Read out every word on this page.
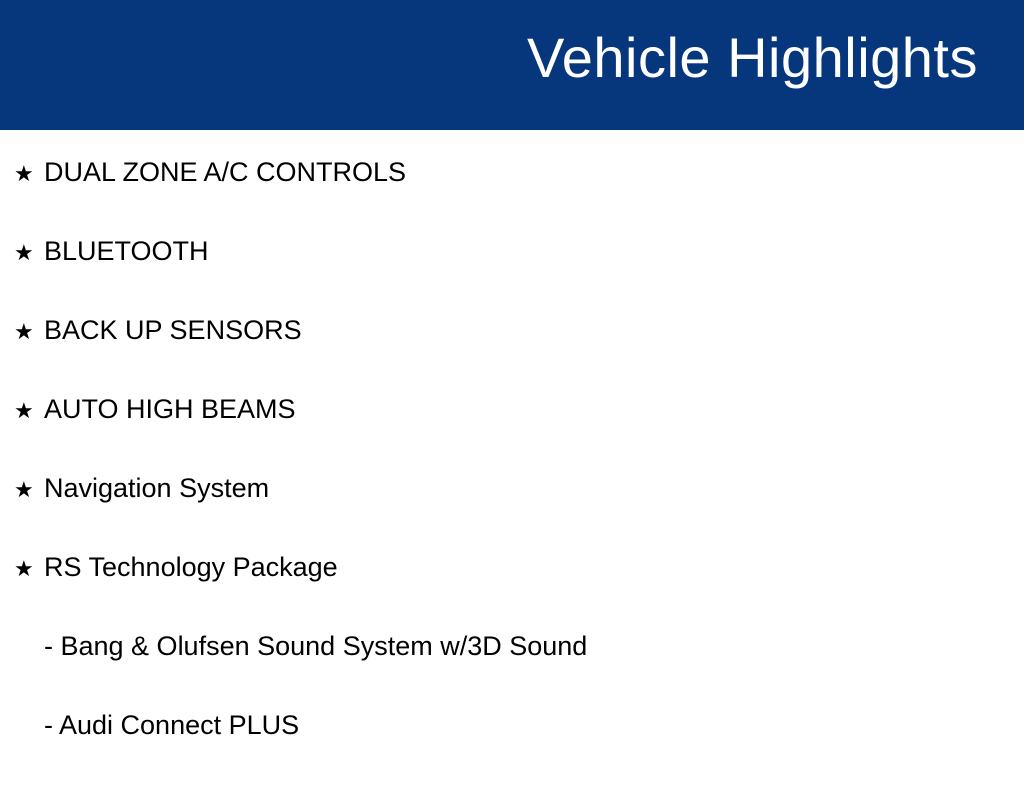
Vehicle Highlights
★ DUAL ZONE A/C CONTROLS
★ BLUETOOTH
★ BACK UP SENSORS
★ AUTO HIGH BEAMS
★ Navigation System
★ RS Technology Package
- Bang & Olufsen Sound System w/3D Sound
- Audi Connect PLUS
